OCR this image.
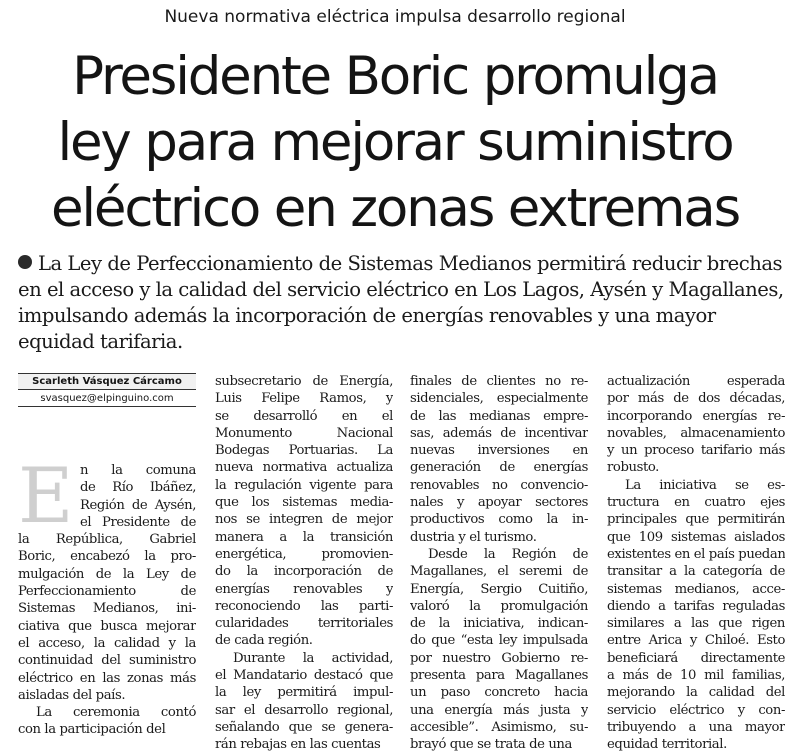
Nueva normativa eléctrica impulsa desarrollo regional
Presidente Boric promulga
ley para mejorar suministro
eléctrico en zonas extremas
La Ley de Perfeccionamiento de Sistemas Medianos permitirá reducir brechas
en el acceso y la calidad del servicio eléctrico en Los Lagos, Aysén y Magallanes,
impulsando además la incorporación de energías renovables y una mayor
equidad tarifaria.
Scarleth Vásquez Cárcamo
svasquez@elpinguino.com
E n la comuna
de Río Ibáñez,
Región de Aysén,
el Presidente de
la República, Gabriel
Boric, encabezó la pro-
mulgación de la Ley de
Perfeccionamiento de
Sistemas Medianos, ini-
ciativa que busca mejorar
el acceso, la calidad y la
continuidad del suministro
eléctrico en las zonas más
aisladas del país.
La ceremonia contó
con la participación del
subsecretario de Energía,
Luis Felipe Ramos, y
se desarrolló en el
Monumento Nacional
Bodegas Portuarias. La
nueva normativa actualiza
la regulación vigente para
que los sistemas media-
nos se integren de mejor
manera a la transición
energética, promovien-
do la incorporación de
energías renovables y
reconociendo las parti-
cularidades territoriales
de cada región.
Durante la actividad,
el Mandatario destacó que
la ley permitirá impul-
sar el desarrollo regional,
señalando que se genera-
rán rebajas en las cuentas
finales de clientes no re-
sidenciales, especialmente
de las medianas empre-
sas, además de incentivar
nuevas inversiones en
generación de energías
renovables no convencio-
nales y apoyar sectores
productivos como la in-
dustria y el turismo.
Desde la Región de
Magallanes, el seremi de
Energía, Sergio Cuitiño,
valoró la promulgación
de la iniciativa, indican-
do que “esta ley impulsada
por nuestro Gobierno re-
presenta para Magallanes
un paso concreto hacia
una energía más justa y
accesible”. Asimismo, su-
brayó que se trata de una
actualización esperada
por más de dos décadas,
incorporando energías re-
novables, almacenamiento
y un proceso tarifario más
robusto.
La iniciativa se es-
tructura en cuatro ejes
principales que permitirán
que 109 sistemas aislados
existentes en el país puedan
transitar a la categoría de
sistemas medianos, acce-
diendo a tarifas reguladas
similares a las que rigen
entre Arica y Chiloé. Esto
beneficiará directamente
a más de 10 mil familias,
mejorando la calidad del
servicio eléctrico y con-
tribuyendo a una mayor
equidad territorial.
